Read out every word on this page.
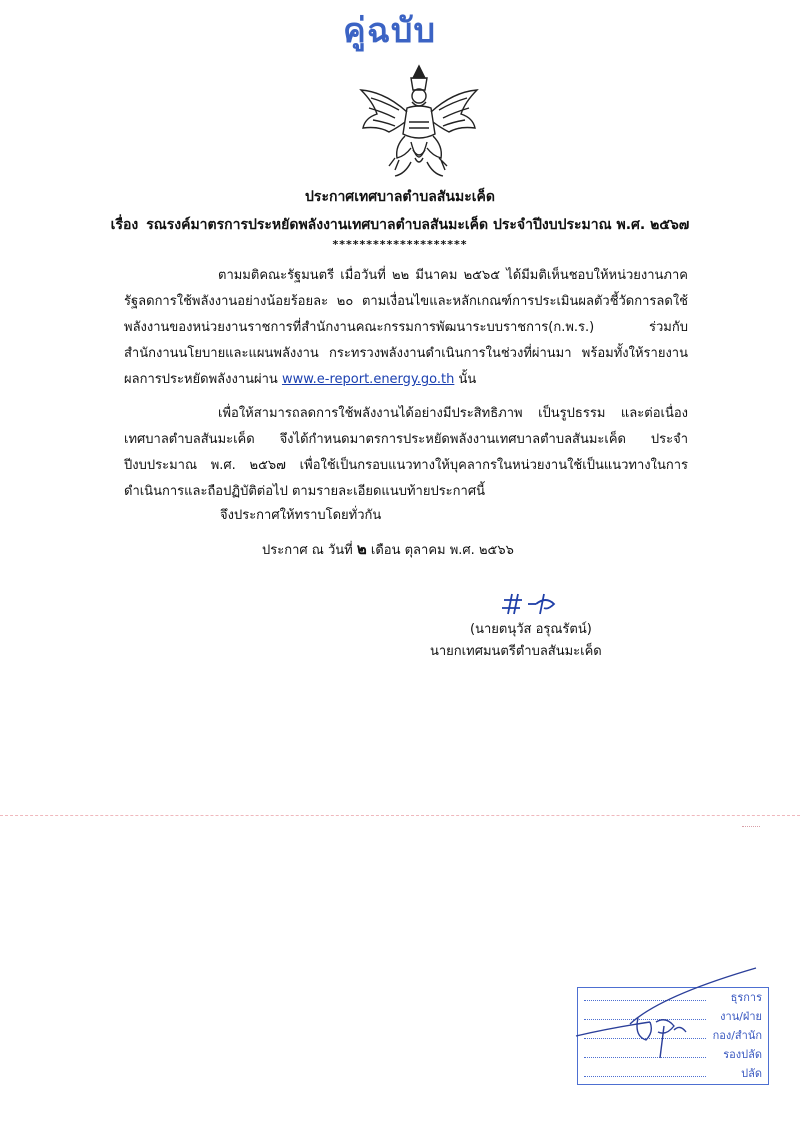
คู่ฉบับ
ประกาศเทศบาลตำบลสันมะเค็ด
เรื่อง รณรงค์มาตรการประหยัดพลังงานเทศบาลตำบลสันมะเค็ด ประจำปีงบประมาณ พ.ศ. ๒๕๖๗
********************
ตามมติคณะรัฐมนตรี เมื่อวันที่ ๒๒ มีนาคม ๒๕๖๕ ได้มีมติเห็นชอบให้หน่วยงานภาครัฐลดการใช้พลังงานอย่างน้อยร้อยละ ๒๐ ตามเงื่อนไขและหลักเกณฑ์การประเมินผลตัวชี้วัดการลดใช้พลังงานของหน่วยงานราชการที่สำนักงานคณะกรรมการพัฒนาระบบราชการ(ก.พ.ร.) ร่วมกับสำนักงานนโยบายและแผนพลังงาน กระทรวงพลังงานดำเนินการในช่วงที่ผ่านมา พร้อมทั้งให้รายงานผลการประหยัดพลังงานผ่าน www.e-report.energy.go.th นั้น
เพื่อให้สามารถลดการใช้พลังงานได้อย่างมีประสิทธิภาพ เป็นรูปธรรม และต่อเนื่อง เทศบาลตำบลสันมะเค็ด จึงได้กำหนดมาตรการประหยัดพลังงานเทศบาลตำบลสันมะเค็ด ประจำปีงบประมาณ พ.ศ. ๒๕๖๗ เพื่อใช้เป็นกรอบแนวทางให้บุคลากรในหน่วยงานใช้เป็นแนวทางในการดำเนินการและถือปฏิบัติต่อไป ตามรายละเอียดแนบท้ายประกาศนี้
จึงประกาศให้ทราบโดยทั่วกัน
ประกาศ ณ วันที่ ๒ เดือน ตุลาคม พ.ศ. ๒๕๖๖
(นายตนุวัส อรุณรัตน์)
นายกเทศมนตรีตำบลสันมะเค็ด
ธุรการ
งาน/ฝ่าย
กอง/สำนัก
รองปลัด
ปลัด
